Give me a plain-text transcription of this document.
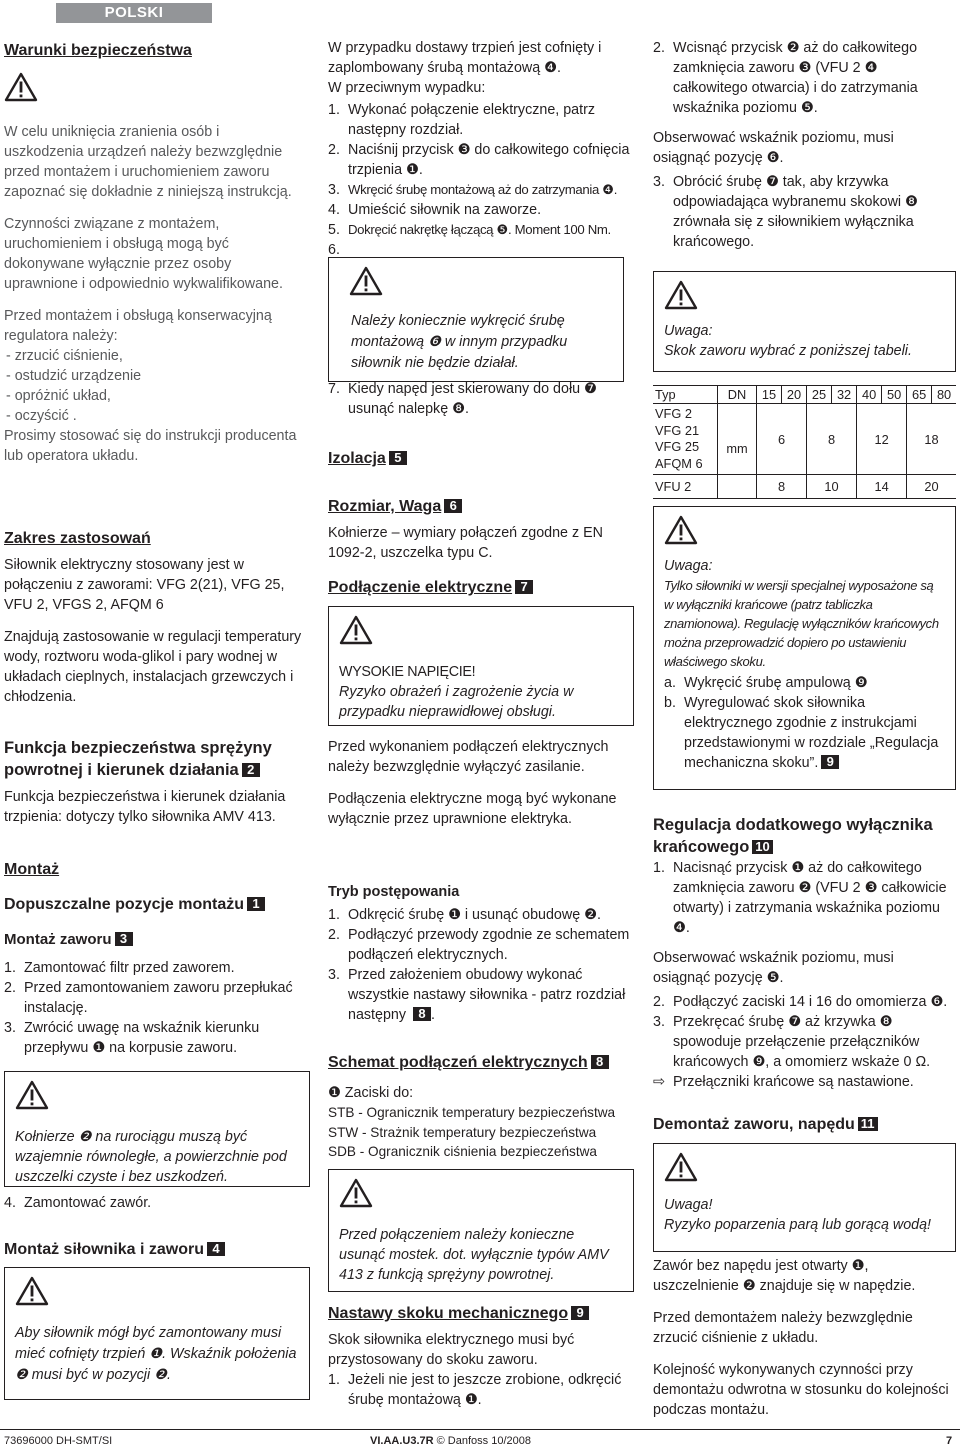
POLSKI

Warunki bezpieczeństwa

W celu uniknięcia zranienia osób i uszkodzenia urządzeń należy bezwzględnie przed montażem i uruchomieniem zaworu zapoznać się dokładnie z niniejszą instrukcją.

Czynności związane z montażem, uruchomieniem i obsługą mogą być dokonywane wyłącznie przez osoby uprawnione i odpowiednio wykwalifikowane.

Przed montażem i obsługą konserwacyjną regulatora należy:

- zrzucić ciśnienie,
- ostudzić urządzenie
- opróżnić układ,
- oczyścić .

Prosimy stosować się do instrukcji producenta lub operatora układu.

Zakres zastosowań

Siłownik elektryczny stosowany jest w połączeniu z zaworami: VFG 2(21), VFG 25, VFU 2, VFGS 2, AFQM 6

Znajdują zastosowanie w regulacji temperatury wody, roztworu woda-glikol i pary wodnej w układach cieplnych, instalacjach grzewczych i chłodzenia.

Funkcja bezpieczeństwa sprężyny powrotnej i kierunek działania 2

Funkcja bezpieczeństwa i kierunek działania trzpienia: dotyczy tylko siłownika AMV 413.

Montaż

Dopuszczalne pozycje montażu 1

Montaż zaworu 3

1. Zamontować filtr przed zaworem.
2. Przed zamontowaniem zaworu przepłukać instalację.
3. Zwrócić uwagę na wskaźnik kierunku przepływu ❶ na korpusie zaworu.

Kołnierze ❷ na rurociągu muszą być wzajemnie równoległe, a powierzchnie pod uszczelki czyste i bez uszkodzeń.

4. Zamontować zawór.

Montaż siłownika i zaworu 4

Aby siłownik mógł być zamontowany musi mieć cofnięty trzpień ❶. Wskaźnik położenia ❷ musi być w pozycji ❷.

W przypadku dostawy trzpień jest cofnięty i zaplombowany śrubą montażową ❹.

W przeciwnym wypadku:

1. Wykonać połączenie elektryczne, patrz następny rozdział.
2. Naciśnij przycisk ❸ do całkowitego cofnięcia trzpienia ❶.
3. Wkręcić śrubę montażową aż do zatrzymania ❹.
4. Umieścić siłownik na zaworze.
5. Dokręcić nakrętkę łączącą ❺. Moment 100 Nm.
6.

Należy koniecznie wykręcić śrubę montażową ❻ w innym przypadku siłownik nie będzie działał.

7. Kiedy napęd jest skierowany do dołu ❼ usunąć nalepkę ❽.

Izolacja 5

Rozmiar, Waga 6

Kołnierze – wymiary połączeń zgodne z EN 1092-2, uszczelka typu C.

Podłączenie elektryczne 7

WYSOKIE NAPIĘCIE!

Ryzyko obrażeń i zagrożenie życia w przypadku nieprawidłowej obsługi.

Przed wykonaniem podłączeń elektrycznych należy bezwzględnie wyłączyć zasilanie.

Podłączenia elektryczne mogą być wykonane wyłącznie przez uprawnione elektryka.

Tryb postępowania

1. Odkręcić śrubę ❶ i usunąć obudowę ❷.
2. Podłączyć przewody zgodnie ze schematem podłączeń elektrycznych.
3. Przed założeniem obudowy wykonać wszystkie nastawy siłownika - patrz rozdział następny 8 .

Schemat podłączeń elektrycznych 8

❶ Zaciski do:

STB - Ogranicznik temperatury bezpieczeństwa

STW - Strażnik temperatury bezpieczeństwa

SDB - Ogranicznik ciśnienia bezpieczeństwa

Przed połączeniem należy konieczne usunąć mostek. dot. wyłącznie typów AMV 413 z funkcją sprężyny powrotnej.

Nastawy skoku mechanicznego 9

Skok siłownika elektrycznego musi być przystosowany do skoku zaworu.

1. Jeżeli nie jest to jeszcze zrobione, odkręcić śrubę montażową ❶.
2. Wcisnąć przycisk ❷ aż do całkowitego zamknięcia zaworu ❸ (VFU 2 ❹ całkowitego otwarcia) i do zatrzymania wskaźnika poziomu ❺.

Obserwować wskaźnik poziomu, musi osiągnąć pozycję ❻.

3. Obrócić śrubę ❼ tak, aby krzywka odpowiadająca wybranemu skokowi ❽ zrównała się z siłownikiem wyłącznika krańcowego.

Uwaga:

Skok zaworu wybrać z poniższej tabeli.

Typ	DN	15	20	25	32	40	50	65	80

VFG 2
VFG 21
VFG 25
AFQM 6	mm	6		8		12		18	
VFU 2		8		10		14		20	

Uwaga:

Tylko siłowniki w wersji specjalnej wyposażone są w wyłączniki krańcowe (patrz tabliczka znamionowa). Regulację wyłączników krańcowych można przeprowadzić dopiero po ustawieniu właściwego skoku.

a. Wykręcić śrubę ampulową ❾
b. Wyregulować skok siłownika elektrycznego zgodnie z instrukcjami przedstawionymi w rozdziale „Regulacja mechaniczna skoku”. 9

Regulacja dodatkowego wyłącznika krańcowego 10

1. Nacisnąć przycisk ❶ aż do całkowitego zamknięcia zaworu ❷ (VFU 2 ❸ całkowicie otwarty) i zatrzymania wskaźnika poziomu ❹.

Obserwować wskaźnik poziomu, musi osiągnąć pozycję ❺.

2. Podłączyć zaciski 14 i 16 do omomierza ❻.
3. Przekręcać śrubę ❼ aż krzywka ❽ spowoduje przełączenie przełączników krańcowych ❾, a omomierz wskaże 0 Ω.
⇨ Przełączniki krańcowe są nastawione.

Demontaż zaworu, napędu 11

Uwaga!

Ryzyko poparzenia parą lub gorącą wodą!

Zawór bez napędu jest otwarty ❶, uszczelnienie ❷ znajduje się w napędzie.

Przed demontażem należy bezwzględnie zrzucić ciśnienie z układu.

Kolejność wykonywanych czynności przy demontażu odwrotna w stosunku do kolejności podczas montażu.

73696000 DH-SMT/SI	VI.AA.U3.7R © Danfoss 10/2008	7
